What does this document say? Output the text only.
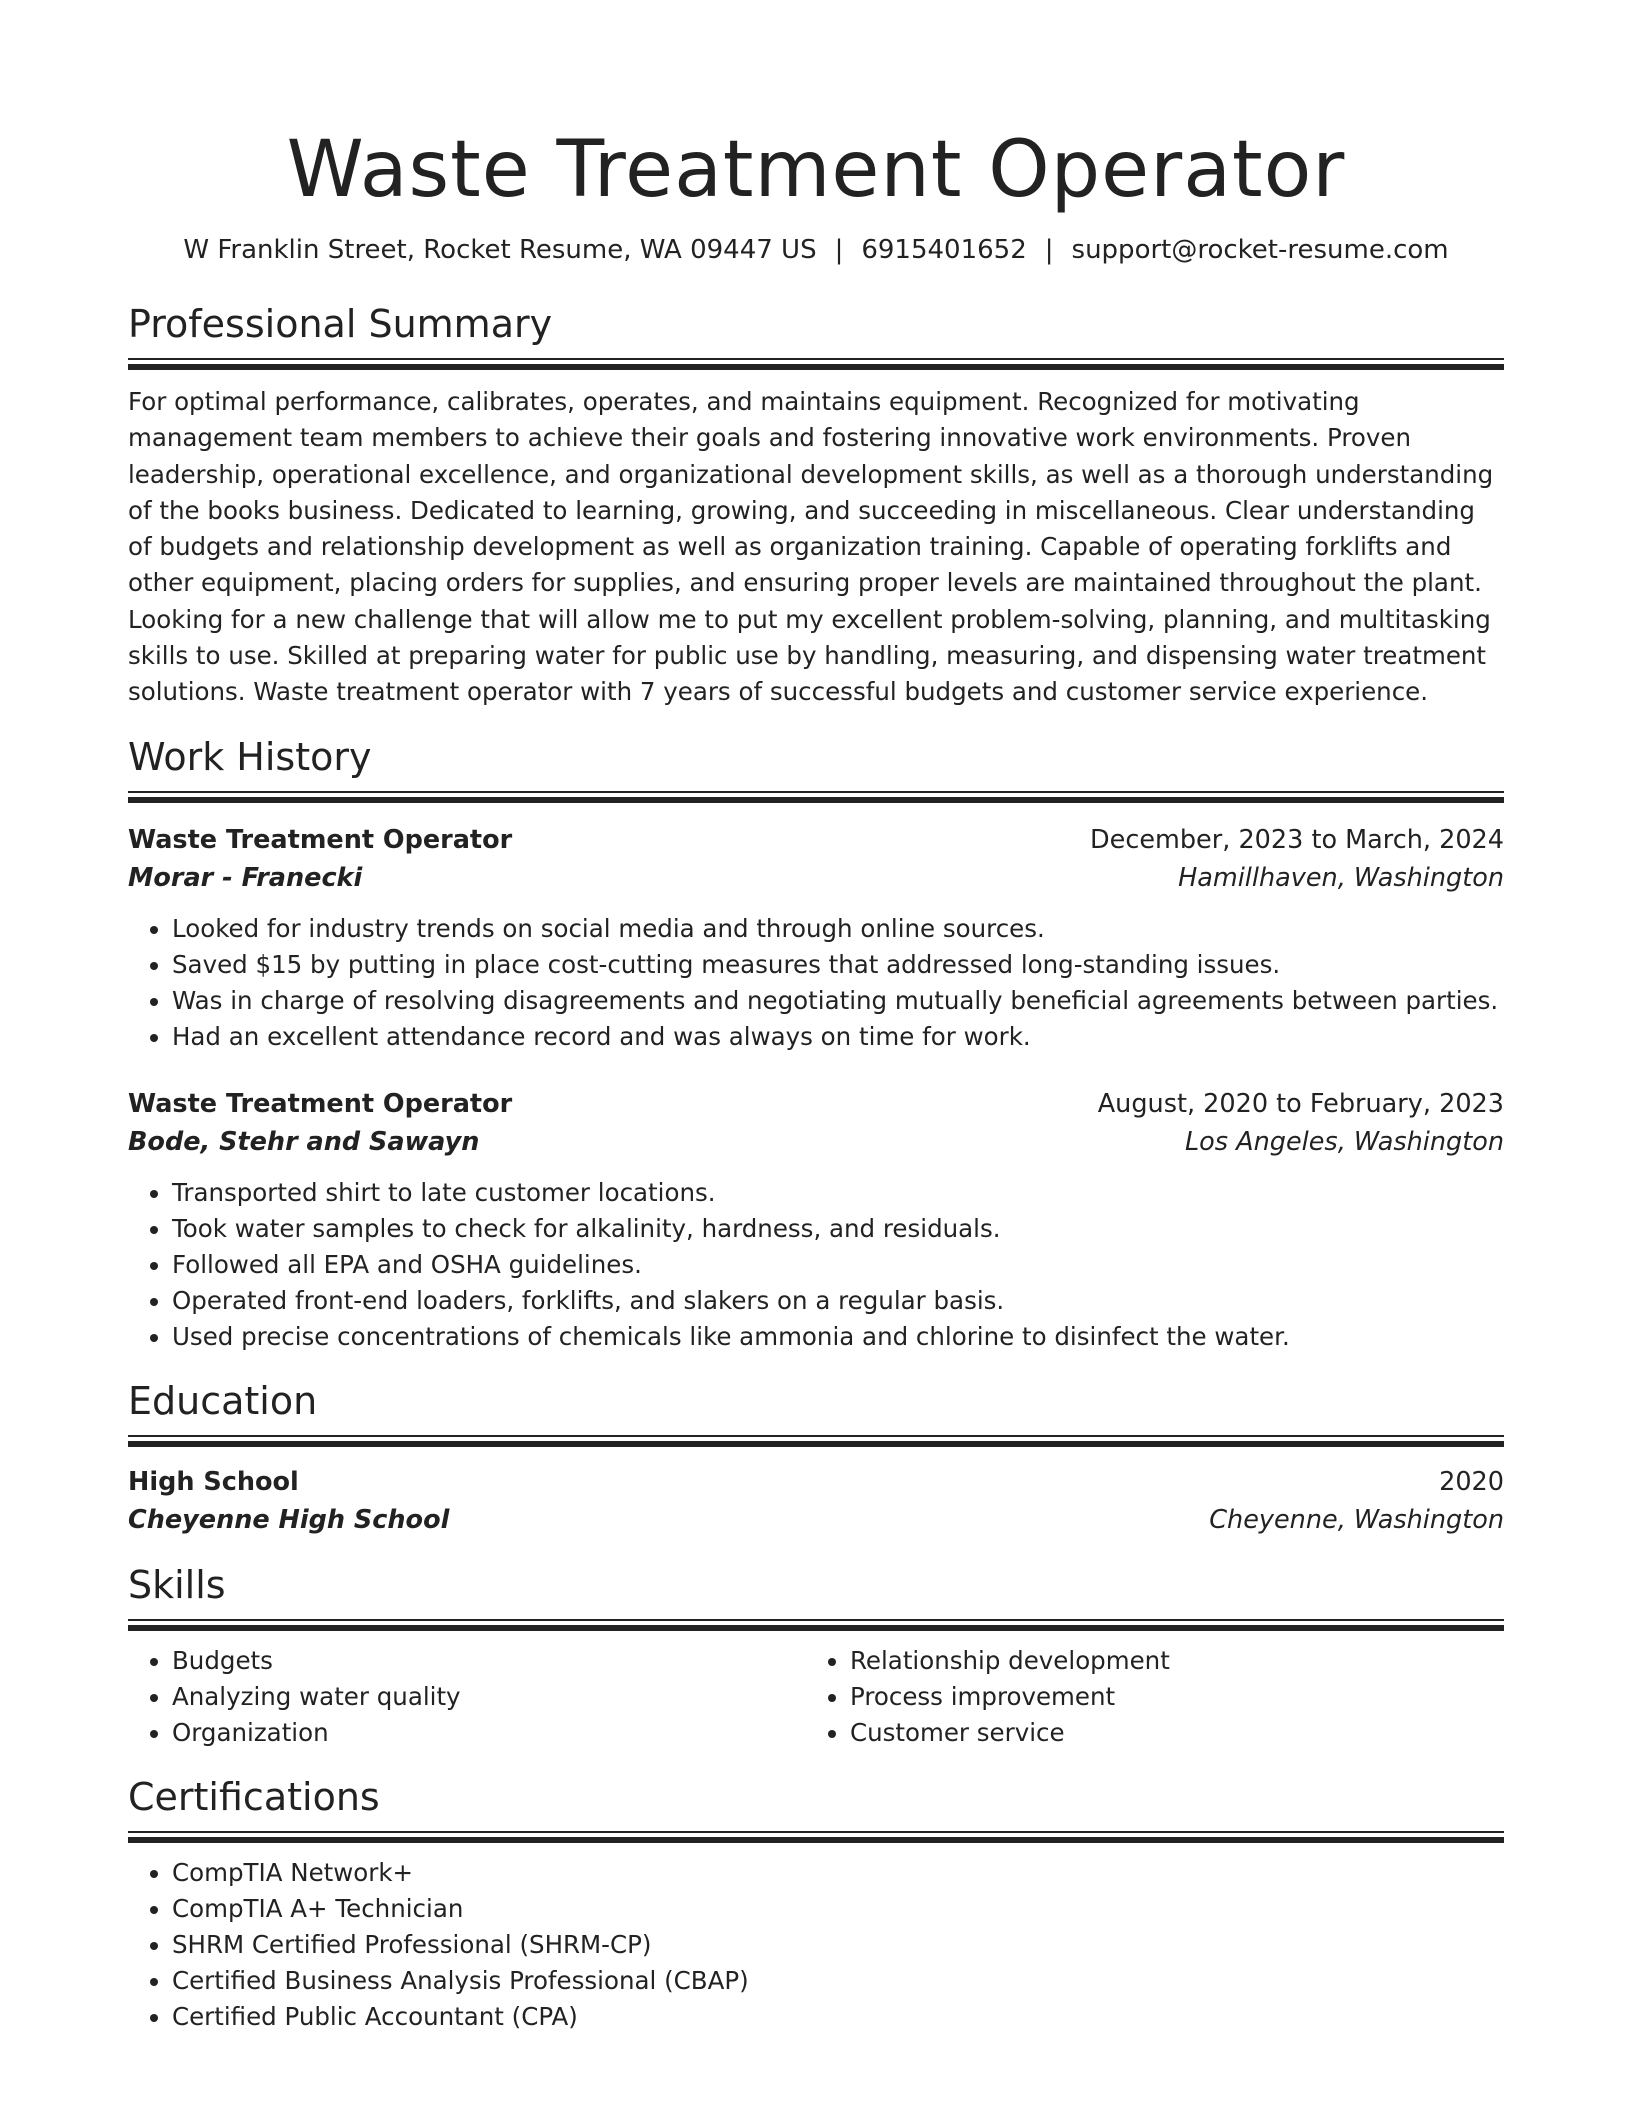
Waste Treatment Operator
W Franklin Street, Rocket Resume, WA 09447 US | 6915401652 | support@rocket-resume.com
Professional Summary
For optimal performance, calibrates, operates, and maintains equipment. Recognized for motivating management team members to achieve their goals and fostering innovative work environments. Proven leadership, operational excellence, and organizational development skills, as well as a thorough understanding of the books business. Dedicated to learning, growing, and succeeding in miscellaneous. Clear understanding of budgets and relationship development as well as organization training. Capable of operating forklifts and other equipment, placing orders for supplies, and ensuring proper levels are maintained throughout the plant. Looking for a new challenge that will allow me to put my excellent problem-solving, planning, and multitasking skills to use. Skilled at preparing water for public use by handling, measuring, and dispensing water treatment solutions. Waste treatment operator with 7 years of successful budgets and customer service experience.
Work History
Waste Treatment Operator	December, 2023 to March, 2024
Morar - Franecki	Hamillhaven, Washington
• Looked for industry trends on social media and through online sources.
• Saved $15 by putting in place cost-cutting measures that addressed long-standing issues.
• Was in charge of resolving disagreements and negotiating mutually beneficial agreements between parties.
• Had an excellent attendance record and was always on time for work.
Waste Treatment Operator	August, 2020 to February, 2023
Bode, Stehr and Sawayn	Los Angeles, Washington
• Transported shirt to late customer locations.
• Took water samples to check for alkalinity, hardness, and residuals.
• Followed all EPA and OSHA guidelines.
• Operated front-end loaders, forklifts, and slakers on a regular basis.
• Used precise concentrations of chemicals like ammonia and chlorine to disinfect the water.
Education
High School	2020
Cheyenne High School	Cheyenne, Washington
Skills
• Budgets
• Analyzing water quality
• Organization
• Relationship development
• Process improvement
• Customer service
Certifications
• CompTIA Network+
• CompTIA A+ Technician
• SHRM Certified Professional (SHRM-CP)
• Certified Business Analysis Professional (CBAP)
• Certified Public Accountant (CPA)
